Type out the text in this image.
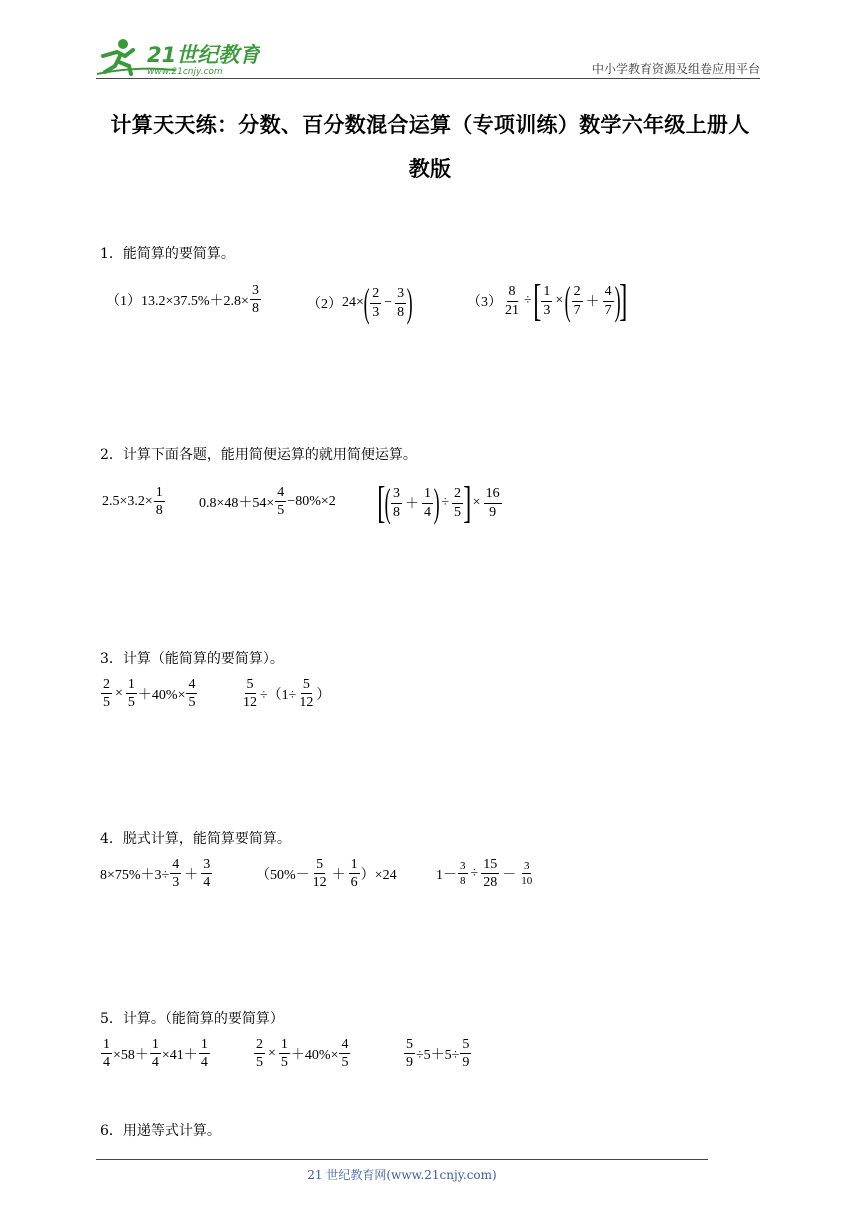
21世纪教育
www.21cnjy.com	中小学教育资源及组卷应用平台
计算天天练：分数、百分数混合运算（专项训练）数学六年级上册人
教版
1．能简算的要简算。
（1） $13.2\times 37.5\%+2.8\times \frac{3}{8}$	（2） 24× ( $\frac{2}{3} - \frac{3}{8}$ )	$(3) \frac{8}{21}$ ÷ [ $\frac{1}{3}$ × ( $\frac{2}{7} + \frac{4}{7}$ )
]
2．计算下面各题，能用简便运算的就用简便运算。
$2.5\times 3.2\times \frac{1}{8} 0.8\times 48+54\times \frac{4}{5} -80\%\times 2$ [
( $\frac{3}{8} + \frac{1}{4}$ ) ÷ $\frac{2}{5}$ ] × $\frac{16}{9}$
3．计算（能简算的要简算）。
$\frac{2}{5} \times \frac{1}{5} +40\%\times \frac{4}{5}$	$\frac{5}{12} \div(1\div \frac{5}{12}$ ）
4．脱式计算，能简算要简算。
$8\times 75\%+3\div \frac{4}{3} + \frac{3}{4}$	$(50\%- \frac{5}{12} + \frac{1}{6} )\times 24$	$1- \frac{3}{8} \div \frac{15}{28} - \frac{3}{10}$
5．计算。（能简算的要简算）
$\frac{1}{4} \times 58+ \frac{1}{4} \times 41+ \frac{1}{4}$	$\frac{2}{5} \times \frac{1}{5} +40\%\times \frac{4}{5}$	$\frac{5}{9} \div 5+5\div \frac{5}{9}$
6．用递等式计算。
21 世纪教育网(www.21cnjy.com)
